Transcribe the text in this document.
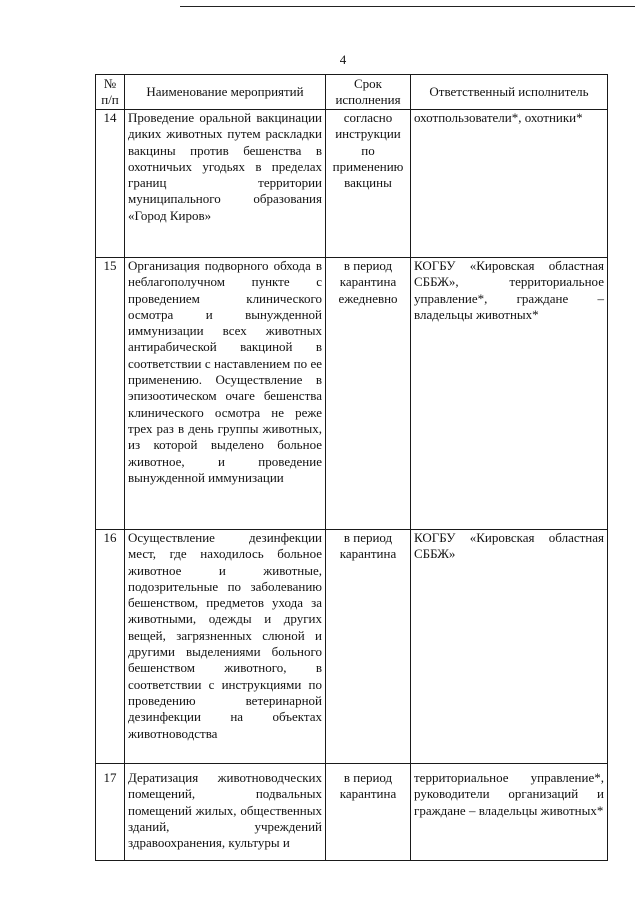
4
№ п/п	Наименование мероприятий	Срок исполнения	Ответственный исполнитель
14	Проведение оральной вакцинации диких животных путем раскладки вакцины против бешенства в охотничьих угодьях в пределах границ территории муниципального образования «Город Киров»	согласно инструкции по применению вакцины	охотпользователи*, охотники*
15	Организация подворного обхода в неблагополучном пункте с проведением клинического осмотра и вынужденной иммунизации всех животных антирабической вакциной в соответствии с наставлением по ее применению. Осуществление в эпизоотическом очаге бешенства клинического осмотра не реже трех раз в день группы животных, из которой выделено больное животное, и проведение вынужденной иммунизации	в период карантина ежедневно	КОГБУ «Кировская областная СББЖ», территориальное управление*, граждане – владельцы животных*
16	Осуществление дезинфекции мест, где находилось больное животное и животные, подозрительные по заболеванию бешенством, предметов ухода за животными, одежды и других вещей, загрязненных слюной и другими выделениями больного бешенством животного, в соответствии с инструкциями по проведению ветеринарной дезинфекции на объектах животноводства	в период карантина	КОГБУ «Кировская областная СББЖ»
17	Дератизация животноводческих помещений, подвальных помещений жилых, общественных зданий, учреждений здравоохранения, культуры и	в период карантина	территориальное управление*, руководители организаций и граждане – владельцы животных*
